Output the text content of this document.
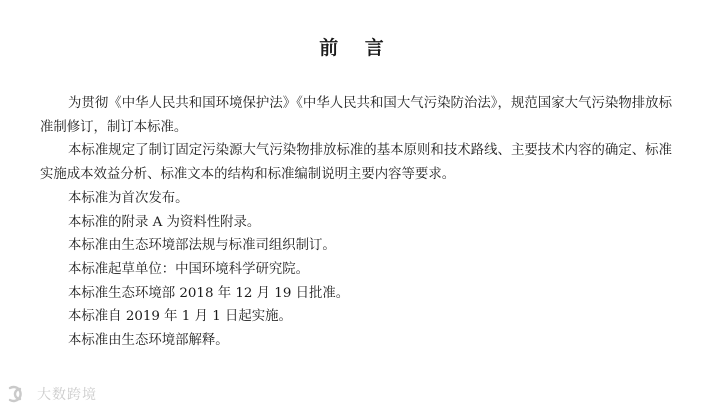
前 言

为贯彻《中华人民共和国环境保护法》《中华人民共和国大气污染防治法》，规范国家大气污染物排放标准制修订，制订本标准。

本标准规定了制订固定污染源大气污染物排放标准的基本原则和技术路线、主要技术内容的确定、标准实施成本效益分析、标准文本的结构和标准编制说明主要内容等要求。

本标准为首次发布。

本标准的附录 A 为资料性附录。

本标准由生态环境部法规与标准司组织制订。

本标准起草单位：中国环境科学研究院。

本标准生态环境部 2018 年 12 月 19 日批准。

本标准自 2019 年 1 月 1 日起实施。

本标准由生态环境部解释。

大数跨境
